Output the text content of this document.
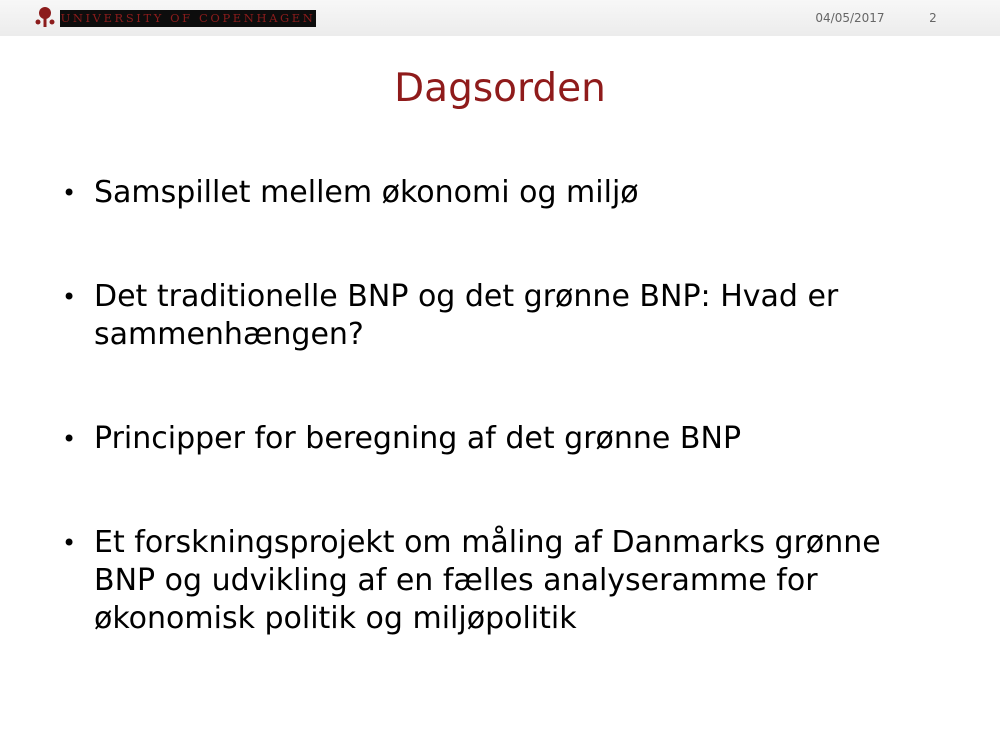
UNIVERSITY OF COPENHAGEN	04/05/2017	2
Dagsorden
• Samspillet mellem økonomi og miljø
• Det traditionelle BNP og det grønne BNP: Hvad er sammenhængen?
• Principper for beregning af det grønne BNP
• Et forskningsprojekt om måling af Danmarks grønne BNP og udvikling af en fælles analyseramme for økonomisk politik og miljøpolitik
